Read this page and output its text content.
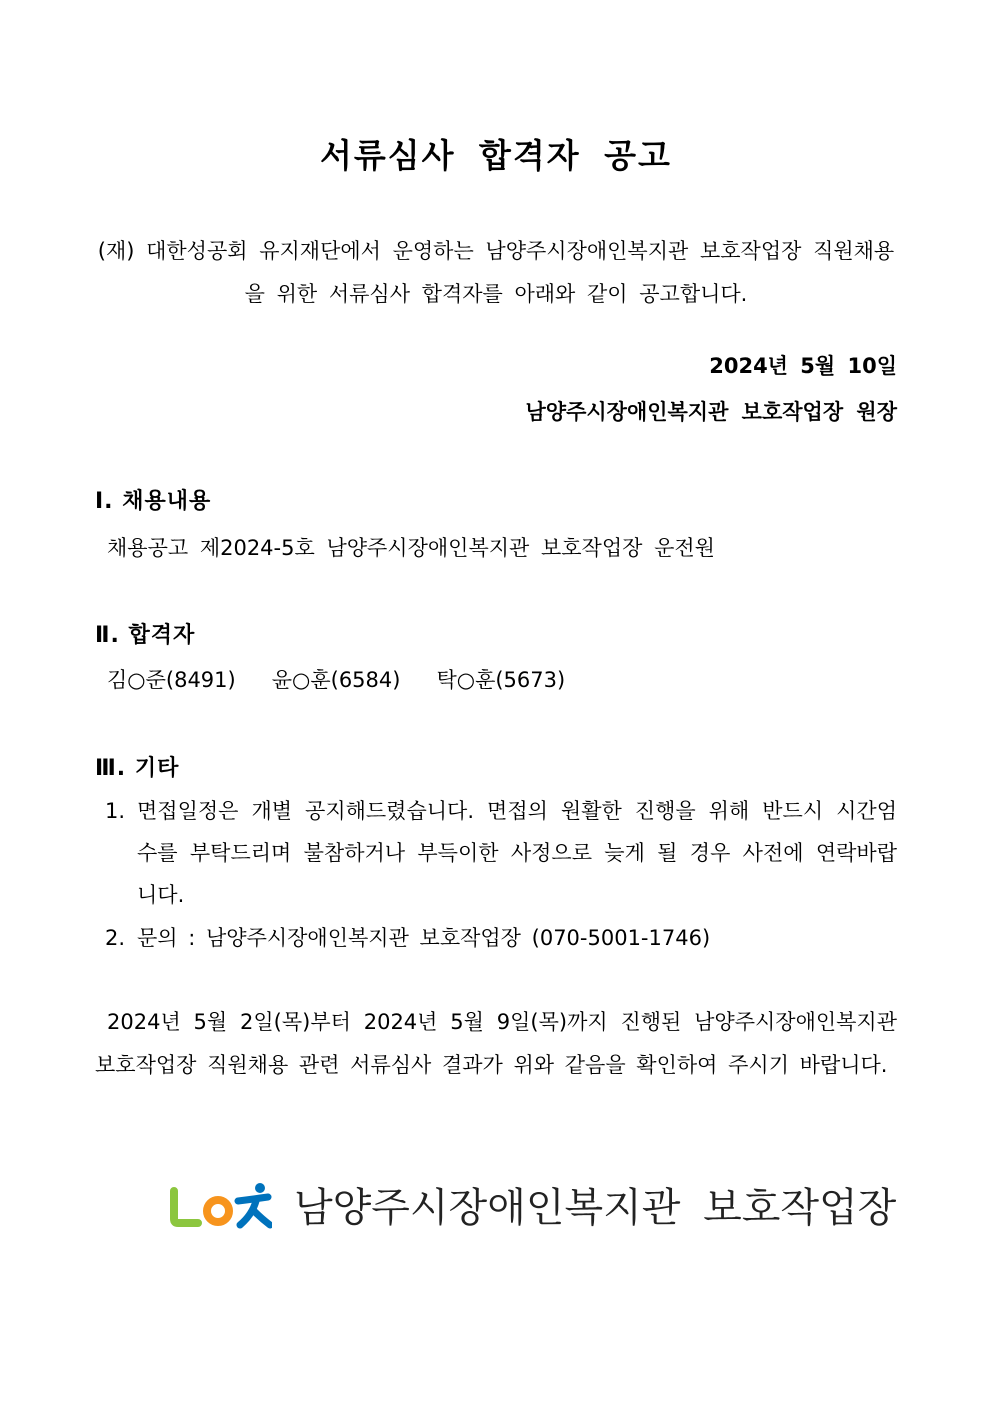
서류심사 합격자 공고
(재) 대한성공회 유지재단에서 운영하는 남양주시장애인복지관 보호작업장 직원채용을 위한 서류심사 합격자를 아래와 같이 공고합니다.
2024년 5월 10일
남양주시장애인복지관 보호작업장 원장
Ⅰ. 채용내용
채용공고 제2024-5호 남양주시장애인복지관 보호작업장 운전원
Ⅱ. 합격자
김○준(8491) 윤○훈(6584) 탁○훈(5673)
Ⅲ. 기타
1. 면접일정은 개별 공지해드렸습니다. 면접의 원활한 진행을 위해 반드시 시간엄수를 부탁드리며 불참하거나 부득이한 사정으로 늦게 될 경우 사전에 연락바랍니다.
2. 문의 : 남양주시장애인복지관 보호작업장 (070-5001-1746)
2024년 5월 2일(목)부터 2024년 5월 9일(목)까지 진행된 남양주시장애인복지관 보호작업장 직원채용 관련 서류심사 결과가 위와 같음을 확인하여 주시기 바랍니다.
남양주시장애인복지관 보호작업장
